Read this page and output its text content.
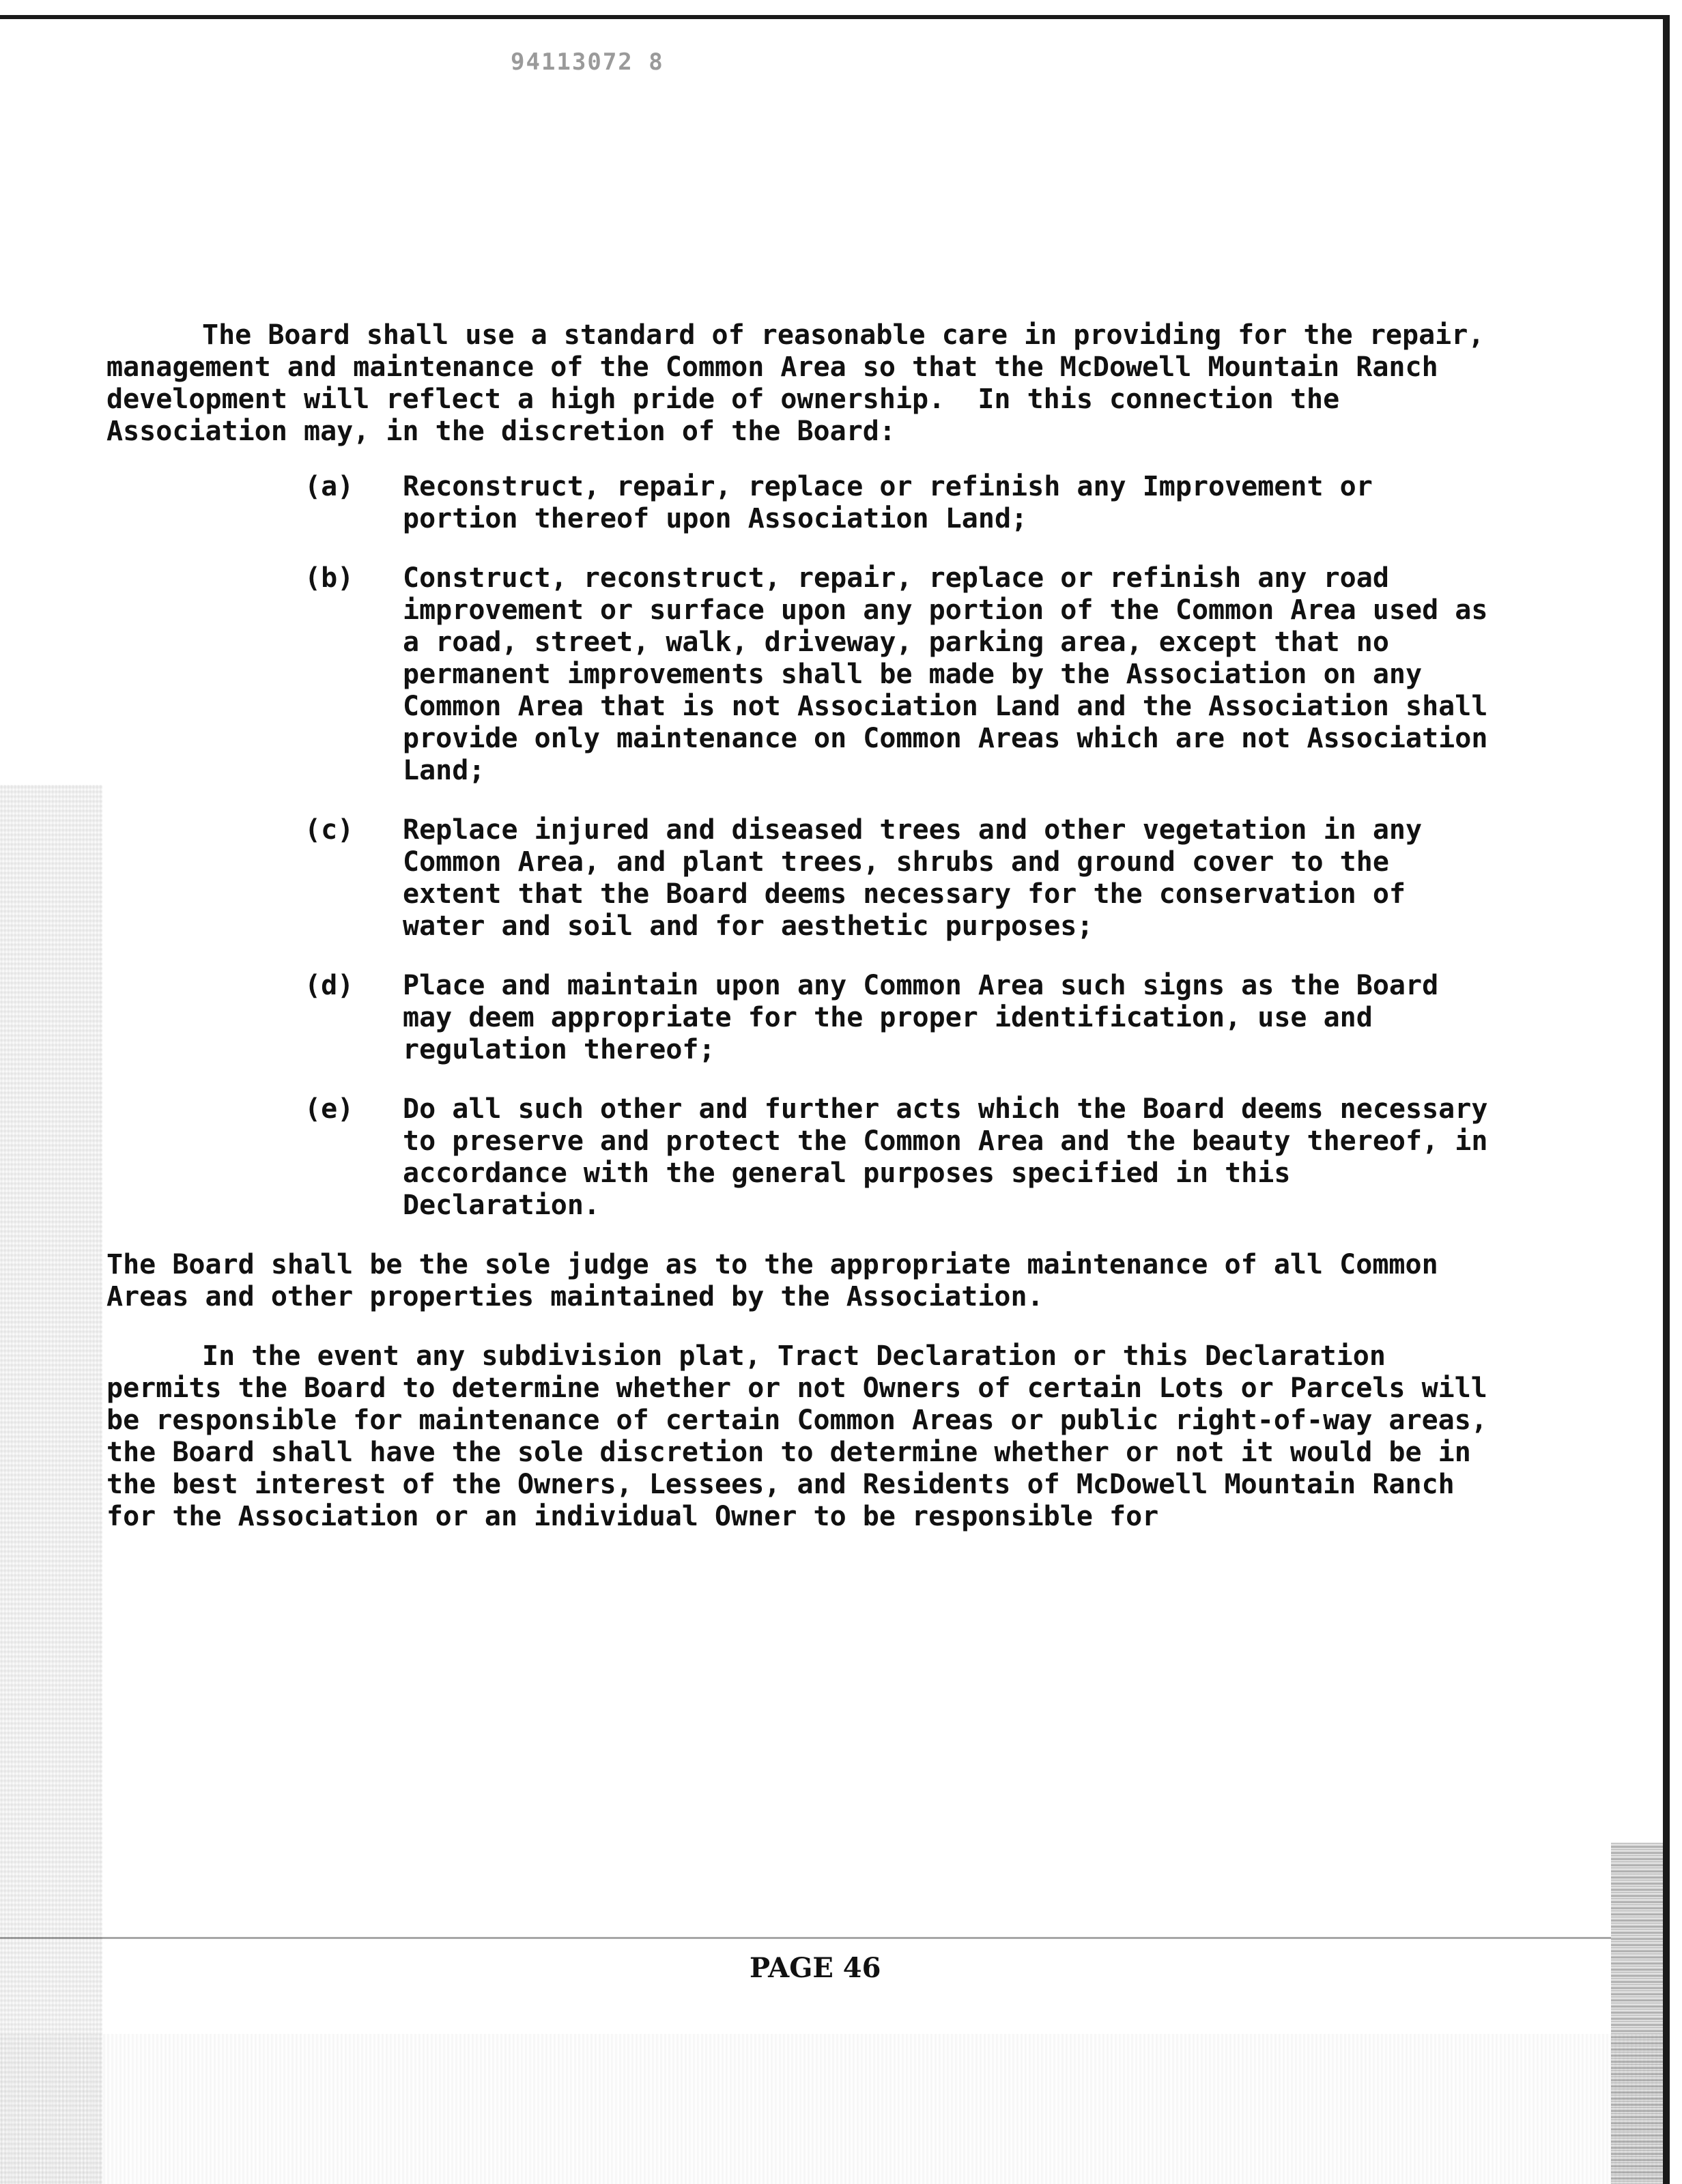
94113072 8

The Board shall use a standard of reasonable care in providing for the repair, management and maintenance of the Common Area so that the McDowell Mountain Ranch development will reflect a high pride of ownership.  In this connection the Association may, in the discretion of the Board:

(a)	Reconstruct, repair, replace or refinish any Improvement or portion thereof upon Association Land;

(b)	Construct, reconstruct, repair, replace or refinish any road improvement or surface upon any portion of the Common Area used as a road, street, walk, driveway, parking area, except that no permanent improvements shall be made by the Association on any Common Area that is not Association Land and the Association shall provide only maintenance on Common Areas which are not Association Land;

(c)	Replace injured and diseased trees and other vegetation in any Common Area, and plant trees, shrubs and ground cover to the extent that the Board deems necessary for the conservation of water and soil and for aesthetic purposes;

(d)	Place and maintain upon any Common Area such signs as the Board may deem appropriate for the proper identification, use and regulation thereof;

(e)	Do all such other and further acts which the Board deems necessary to preserve and protect the Common Area and the beauty thereof, in accordance with the general purposes specified in this Declaration.

The Board shall be the sole judge as to the appropriate maintenance of all Common Areas and other properties maintained by the Association.

In the event any subdivision plat, Tract Declaration or this Declaration permits the Board to determine whether or not Owners of certain Lots or Parcels will be responsible for maintenance of certain Common Areas or public right-of-way areas, the Board shall have the sole discretion to determine whether or not it would be in the best interest of the Owners, Lessees, and Residents of McDowell Mountain Ranch for the Association or an individual Owner to be responsible for

PAGE 46
